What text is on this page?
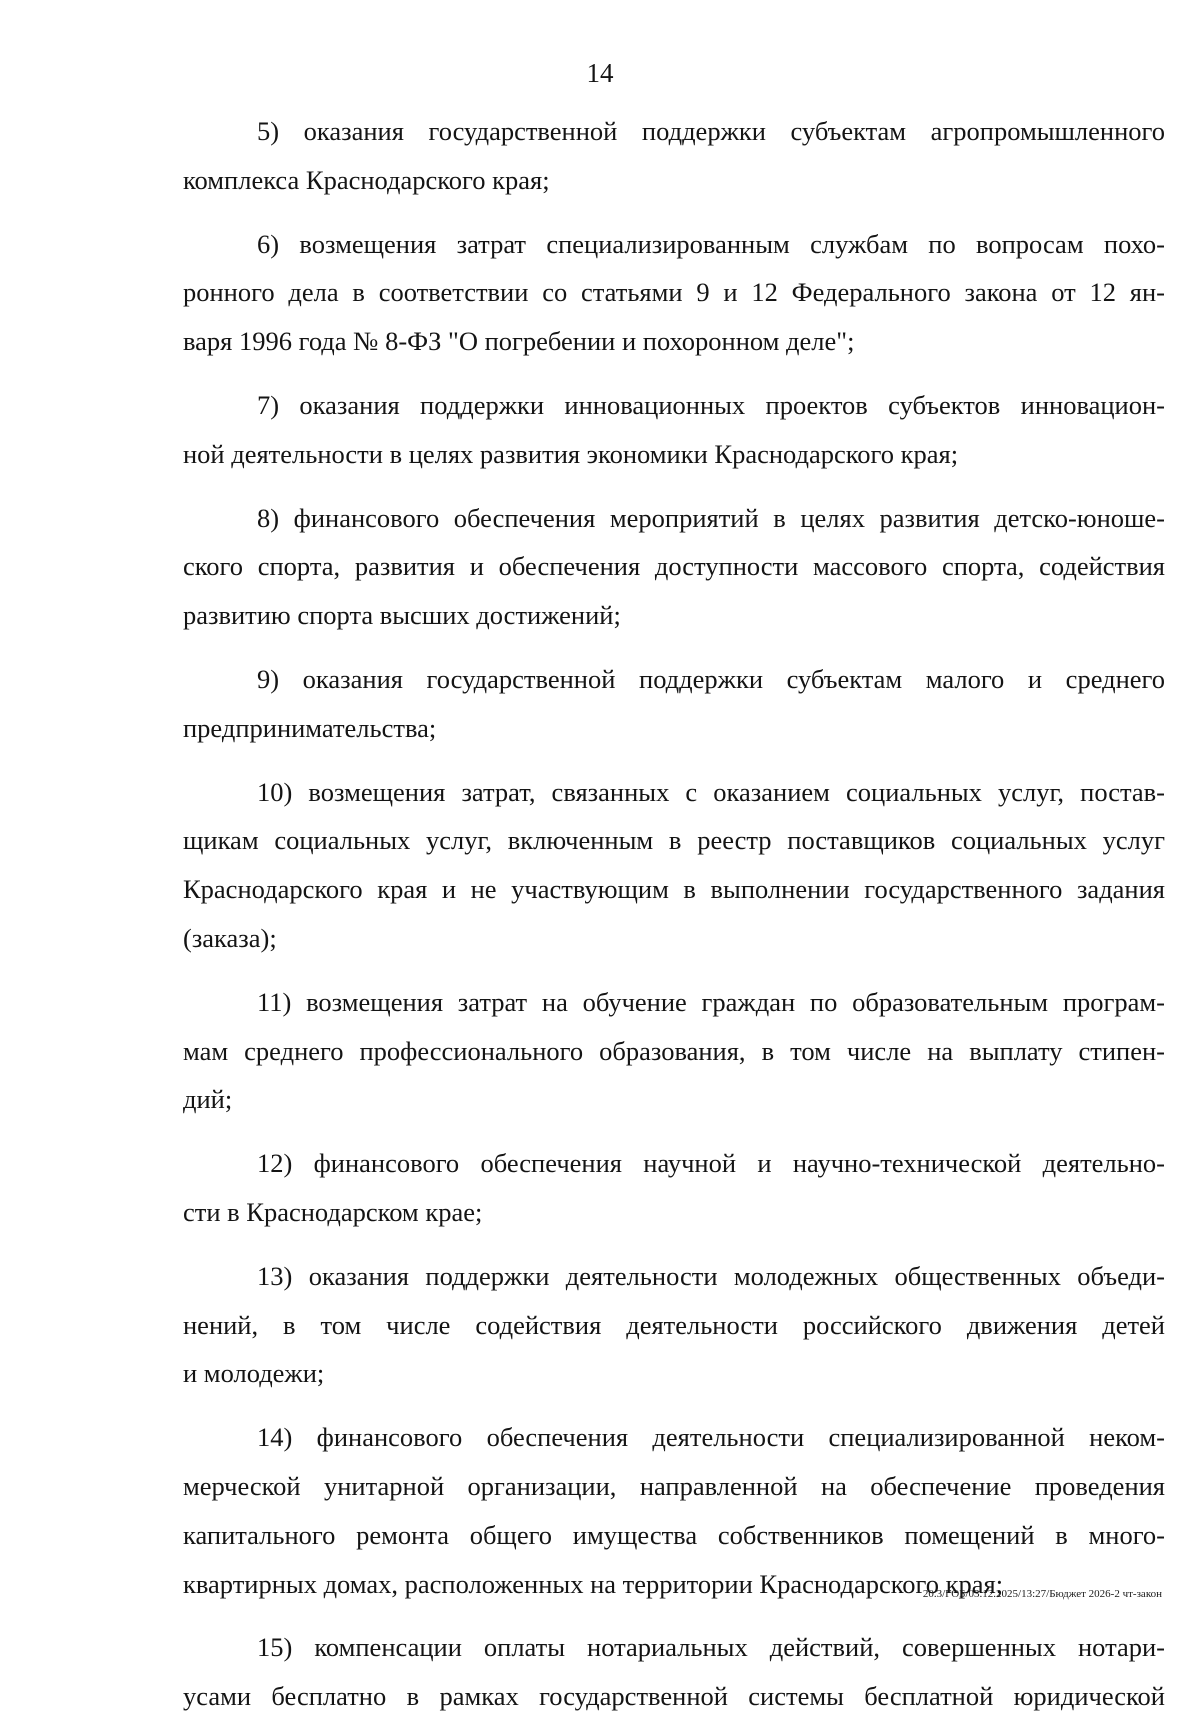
14
5) оказания государственной поддержки субъектам агропромышленного
комплекса Краснодарского края;
6) возмещения затрат специализированным службам по вопросам похо-
ронного дела в соответствии со статьями 9 и 12 Федерального закона от 12 ян-
варя 1996 года № 8-ФЗ "О погребении и похоронном деле";
7) оказания поддержки инновационных проектов субъектов инновацион-
ной деятельности в целях развития экономики Краснодарского края;
8) финансового обеспечения мероприятий в целях развития детско-юноше-
ского спорта, развития и обеспечения доступности массового спорта, содействия
развитию спорта высших достижений;
9) оказания государственной поддержки субъектам малого и среднего
предпринимательства;
10) возмещения затрат, связанных с оказанием социальных услуг, постав-
щикам социальных услуг, включенным в реестр поставщиков социальных услуг
Краснодарского края и не участвующим в выполнении государственного задания
(заказа);
11) возмещения затрат на обучение граждан по образовательным програм-
мам среднего профессионального образования, в том числе на выплату стипен-
дий;
12) финансового обеспечения научной и научно-технической деятельно-
сти в Краснодарском крае;
13) оказания поддержки деятельности молодежных общественных объеди-
нений, в том числе содействия деятельности российского движения детей
и молодежи;
14) финансового обеспечения деятельности специализированной неком-
мерческой унитарной организации, направленной на обеспечение проведения
капитального ремонта общего имущества собственников помещений в много-
квартирных домах, расположенных на территории Краснодарского края;
15) компенсации оплаты нотариальных действий, совершенных нотари-
усами бесплатно в рамках государственной системы бесплатной юридической
20.3/ГОБ/03.12.2025/13:27/Бюджет 2026-2 чт-закон
